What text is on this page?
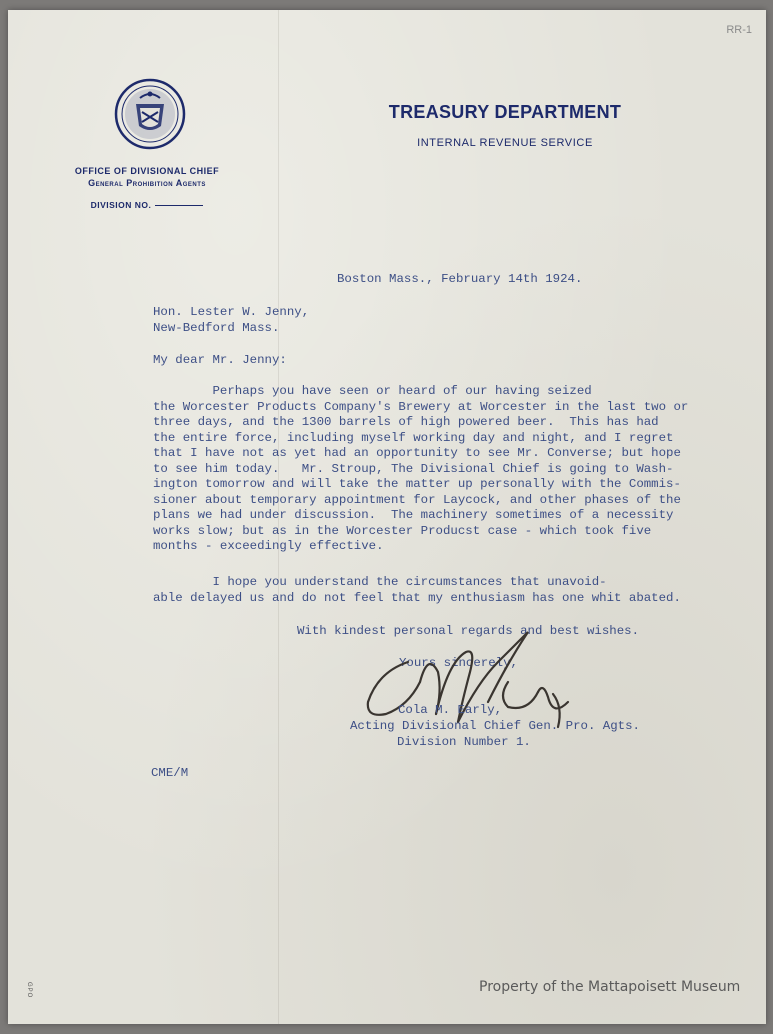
RR-1
OFFICE OF DIVISIONAL CHIEF
General Prohibition Agents
DIVISION NO.
TREASURY DEPARTMENT
INTERNAL REVENUE SERVICE
Boston Mass., February 14th 1924.
Hon. Lester W. Jenny,
New-Bedford Mass.
My dear Mr. Jenny:
Perhaps you have seen or heard of our having seized
the Worcester Products Company's Brewery at Worcester in the last two or
three days, and the 1300 barrels of high powered beer.  This has had
the entire force, including myself working day and night, and I regret
that I have not as yet had an opportunity to see Mr. Converse; but hope
to see him today.   Mr. Stroup, The Divisional Chief is going to Wash-
ington tomorrow and will take the matter up personally with the Commis-
sioner about temporary appointment for Laycock, and other phases of the
plans we had under discussion.  The machinery sometimes of a necessity
works slow; but as in the Worcester Producst case - which took five
months - exceedingly effective.
I hope you understand the circumstances that unavoid-
able delayed us and do not feel that my enthusiasm has one whit abated.
With kindest personal regards and best wishes.
Yours sincerely,
Cola M. Early,
Acting Divisional Chief Gen. Pro. Agts.
Division Number 1.
CME/M
GPO	Property of the Mattapoisett Museum
